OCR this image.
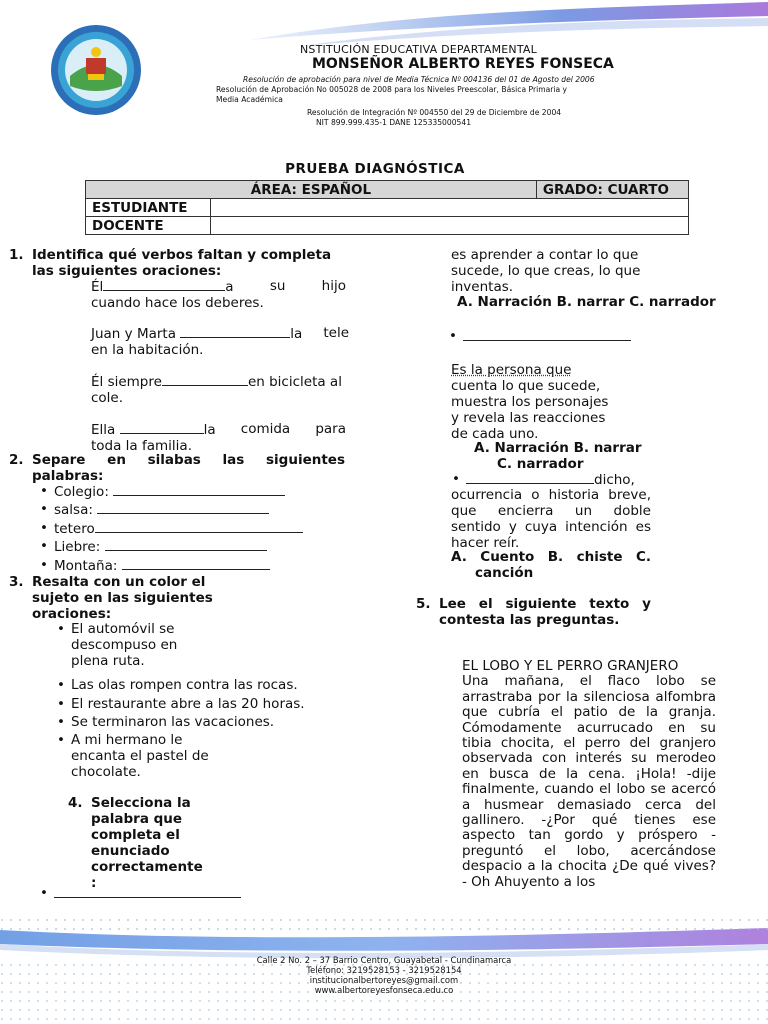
NSTITUCIÓN EDUCATIVA DEPARTAMENTAL
MONSEÑOR ALBERTO REYES FONSECA
Resolución de aprobación para nivel de Media Técnica Nº 004136 del 01 de Agosto del 2006
Resolución de Aprobación No 005028 de 2008 para los Niveles Preescolar, Básica Primaria y Media Académica
Resolución de Integración Nº 004550 del 29 de Diciembre de 2004
NIT 899.999.435-1 DANE 125335000541
PRUEBA DIAGNÓSTICA
ÁREA: ESPAÑOL		GRADO: CUARTO
ESTUDIANTE		
DOCENTE		
1. Identifica qué verbos faltan y completa
las siguientes oraciones:
Él	a	su	hijo
cuando hace los deberes.
Juan y Marta	la tele
en la habitación.
Él siempre	en bicicleta al
cole.
Ella	la comida para
toda la familia.
2. Separe en silabas las siguientes
palabras:
• Colegio:
• salsa:
• tetero
• Liebre:
• Montaña:
3. Resalta con un color el
sujeto en las siguientes
oraciones:
• El automóvil se
descompuso en
plena ruta.
• Las olas rompen contra las rocas.
• El restaurante abre a las 20 horas.
• Se terminaron las vacaciones.
• A mi hermano le
encanta el pastel de
chocolate.
4. Selecciona la
palabra que
completa el
enunciado
correctamente
:
•
es aprender a contar lo que
sucede, lo que creas, lo que
inventas.
A. Narración B. narrar C. narrador
•
Es la persona que
cuenta lo que sucede,
muestra los personajes
y revela las reacciones
de cada uno.
A. Narración B. narrar
C. narrador
• dicho,
ocurrencia o historia breve,
que encierra un doble
sentido y cuya intención es
hacer reír.
A. Cuento B. chiste C.
canción
5. Lee el siguiente texto y
contesta las preguntas.
EL LOBO Y EL PERRO GRANJERO
Una mañana, el flaco lobo se arrastraba por la silenciosa alfombra que cubría el patio de la granja. Cómodamente acurrucado en su tibia chocita, el perro del granjero observada con interés su merodeo en busca de la cena. ¡Hola! -dije finalmente, cuando el lobo se acercó a husmear demasiado cerca del gallinero. -¿Por qué tienes ese aspecto tan gordo y próspero -preguntó el lobo, acercándose despacio a la chocita ¿De qué vives? - Oh Ahuyento a los
Calle 2 No. 2 – 37 Barrio Centro, Guayabetal - Cundinamarca
Teléfono: 3219528153 - 3219528154
institucionalbertoreyes@gmail.com
www.albertoreyesfonseca.edu.co
